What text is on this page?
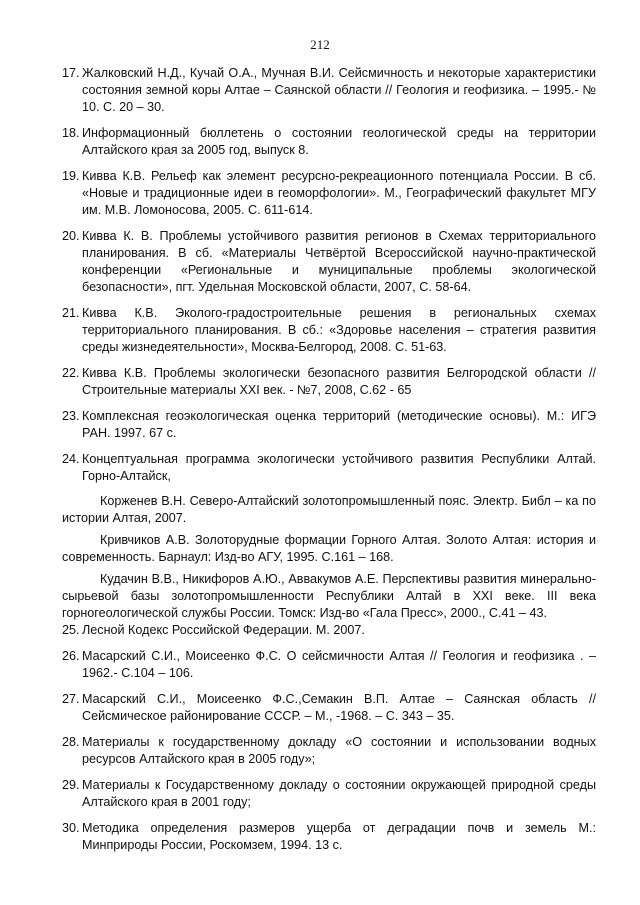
212
17. Жалковский Н.Д., Кучай О.А., Мучная В.И. Сейсмичность и некоторые характеристики состояния земной коры Алтае – Саянской области // Геология и геофизика. – 1995.- № 10. С. 20 – 30.
18. Информационный бюллетень о состоянии геологической среды на территории Алтайского края за 2005 год, выпуск 8.
19. Кивва К.В. Рельеф как элемент ресурсно-рекреационного потенциала России. В сб. «Новые и традиционные идеи в геоморфологии». М., Географический факультет МГУ им. М.В. Ломоносова, 2005. С. 611-614.
20. Кивва К. В. Проблемы устойчивого развития регионов в Схемах территориального планирования. В сб. «Материалы Четвёртой Всероссийской научно-практической конференции «Региональные и муниципальные проблемы экологической безопасности», пгт. Удельная Московской области, 2007, С. 58-64.
21. Кивва К.В. Эколого-градостроительные решения в региональных схемах территориального планирования. В сб.: «Здоровье населения – стратегия развития среды жизнедеятельности», Москва-Белгород, 2008. С. 51-63.
22. Кивва К.В. Проблемы экологически безопасного развития Белгородской области //Строительные материалы XXI век. - №7, 2008, С.62 - 65
23. Комплексная геоэкологическая оценка территорий (методические основы). М.: ИГЭ РАН. 1997. 67 с.
24. Концептуальная программа экологически устойчивого развития Республики Алтай. Горно-Алтайск,
Корженев В.Н. Северо-Алтайский золотопромышленный пояс. Электр. Библ – ка по истории Алтая, 2007.
Кривчиков А.В. Золоторудные формации Горного Алтая. Золото Алтая: история и современность. Барнаул: Изд-во АГУ, 1995. С.161 – 168.
Кудачин В.В., Никифоров А.Ю., Аввакумов А.Е. Перспективы развития минерально-сырьевой базы золотопромышленности Республики Алтай в XXI веке. III века горногеологической службы России. Томск: Изд-во «Гала Пресс», 2000., С.41 – 43.
25. Лесной Кодекс Российской Федерации. М. 2007.
26. Масарский С.И., Моисеенко Ф.С. О сейсмичности Алтая // Геология и геофизика . – 1962.- С.104 – 106.
27. Масарский С.И., Моисеенко Ф.С.,Семакин В.П. Алтае – Саянская область // Сейсмическое районирование СССР. – М., -1968. – С. 343 – 35.
28. Материалы к государственному докладу «О состоянии и использовании водных ресурсов Алтайского края в 2005 году»;
29. Материалы к Государственному докладу о состоянии окружающей природной среды Алтайского края в 2001 году;
30. Методика определения размеров ущерба от деградации почв и земель М.: Минприроды России, Роскомзем, 1994. 13 с.
